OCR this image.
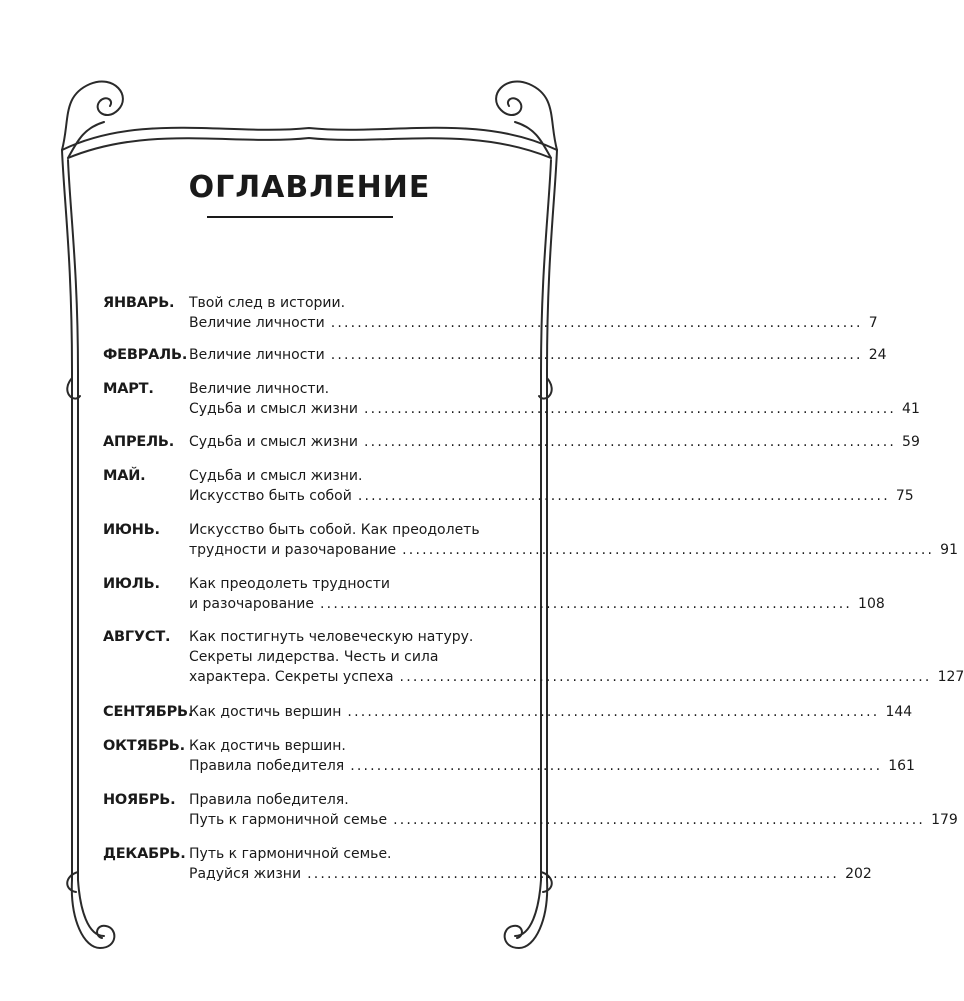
ОГЛАВЛЕНИЕ
ЯНВАРЬ.	Твой след в истории.
Величие личности ................................................................................ 7
ФЕВРАЛЬ. Величие личности ................................................................................ 24
МАРТ.	Величие личности.
Судьба и смысл жизни ................................................................................ 41
АПРЕЛЬ.	Судьба и смысл жизни ................................................................................ 59
МАЙ.	Судьба и смысл жизни.
Искусство быть собой ................................................................................ 75
ИЮНЬ.	Искусство быть собой. Как преодолеть
трудности и разочарование ................................................................................ 91
ИЮЛЬ.	Как преодолеть трудности
и разочарование ................................................................................ 108
АВГУСТ.	Как постигнуть человеческую натуру.
Секреты лидерства. Честь и сила
характера. Секреты успеха ................................................................................ 127
СЕНТЯБРЬ.
Как достичь вершин ................................................................................ 144
ОКТЯБРЬ. Как достичь вершин.
Правила победителя ................................................................................ 161
НОЯБРЬ. Правила победителя.
Путь к гармоничной семье ................................................................................ 179
ДЕКАБРЬ. Путь к гармоничной семье.
Радуйся жизни ................................................................................ 202
